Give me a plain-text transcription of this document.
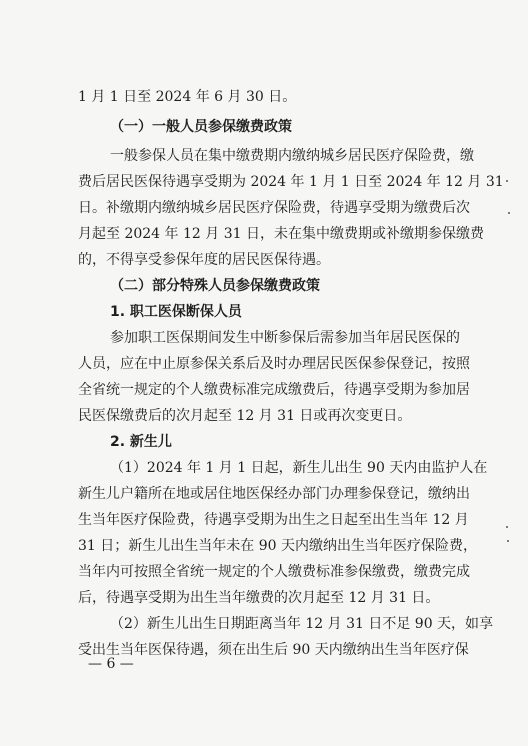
1 月 1 日至 2024 年 6 月 30 日。
（一）一般人员参保缴费政策
一般参保人员在集中缴费期内缴纳城乡居民医疗保险费，缴
费后居民医保待遇享受期为 2024 年 1 月 1 日至 2024 年 12 月 31
日。补缴期内缴纳城乡居民医疗保险费，待遇享受期为缴费后次
月起至 2024 年 12 月 31 日，未在集中缴费期或补缴期参保缴费
的，不得享受参保年度的居民医保待遇。
（二）部分特殊人员参保缴费政策
1. 职工医保断保人员
参加职工医保期间发生中断参保后需参加当年居民医保的
人员，应在中止原参保关系后及时办理居民医保参保登记，按照
全省统一规定的个人缴费标准完成缴费后，待遇享受期为参加居
民医保缴费后的次月起至 12 月 31 日或再次变更日。
2. 新生儿
（1）2024 年 1 月 1 日起，新生儿出生 90 天内由监护人在
新生儿户籍所在地或居住地医保经办部门办理参保登记，缴纳出
生当年医疗保险费，待遇享受期为出生之日起至出生当年 12 月
31 日；新生儿出生当年未在 90 天内缴纳出生当年医疗保险费，
当年内可按照全省统一规定的个人缴费标准参保缴费，缴费完成
后，待遇享受期为出生当年缴费的次月起至 12 月 31 日。
（2）新生儿出生日期距离当年 12 月 31 日不足 90 天，如享
受出生当年医保待遇，须在出生后 90 天内缴纳出生当年医疗保
— 6 —
